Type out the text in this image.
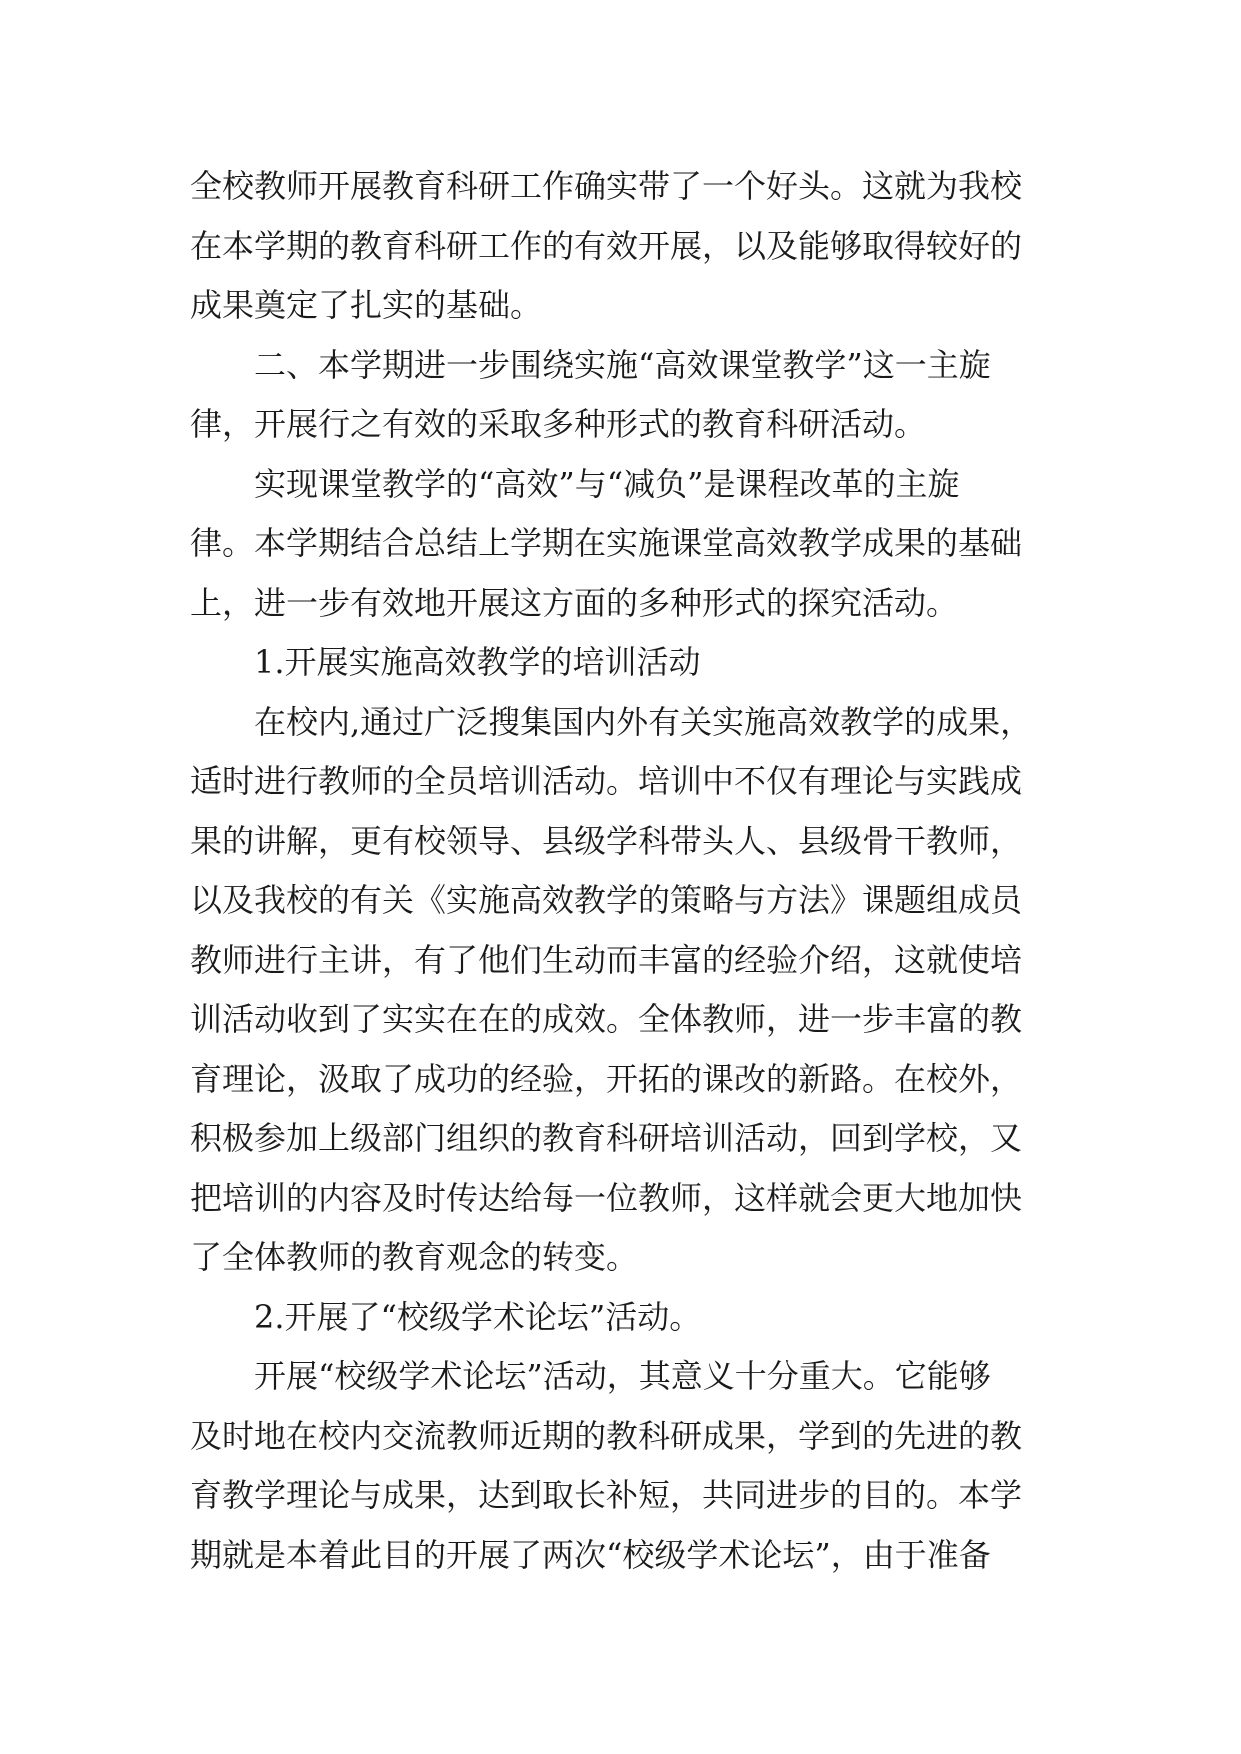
全校教师开展教育科研工作确实带了一个好头。这就为我校
在本学期的教育科研工作的有效开展，以及能够取得较好的
成果奠定了扎实的基础。
二、本学期进一步围绕实施“高效课堂教学”这一主旋
律，开展行之有效的采取多种形式的教育科研活动。
实现课堂教学的“高效”与“减负”是课程改革的主旋
律。本学期结合总结上学期在实施课堂高效教学成果的基础
上，进一步有效地开展这方面的多种形式的探究活动。
1.开展实施高效教学的培训活动
在校内,通过广泛搜集国内外有关实施高效教学的成果，
适时进行教师的全员培训活动。培训中不仅有理论与实践成
果的讲解，更有校领导、县级学科带头人、县级骨干教师，
以及我校的有关《实施高效教学的策略与方法》课题组成员
教师进行主讲，有了他们生动而丰富的经验介绍，这就使培
训活动收到了实实在在的成效。全体教师，进一步丰富的教
育理论，汲取了成功的经验，开拓的课改的新路。在校外，
积极参加上级部门组织的教育科研培训活动，回到学校，又
把培训的内容及时传达给每一位教师，这样就会更大地加快
了全体教师的教育观念的转变。
2.开展了“校级学术论坛”活动。
开展“校级学术论坛”活动，其意义十分重大。它能够
及时地在校内交流教师近期的教科研成果，学到的先进的教
育教学理论与成果，达到取长补短，共同进步的目的。本学
期就是本着此目的开展了两次“校级学术论坛”，由于准备
